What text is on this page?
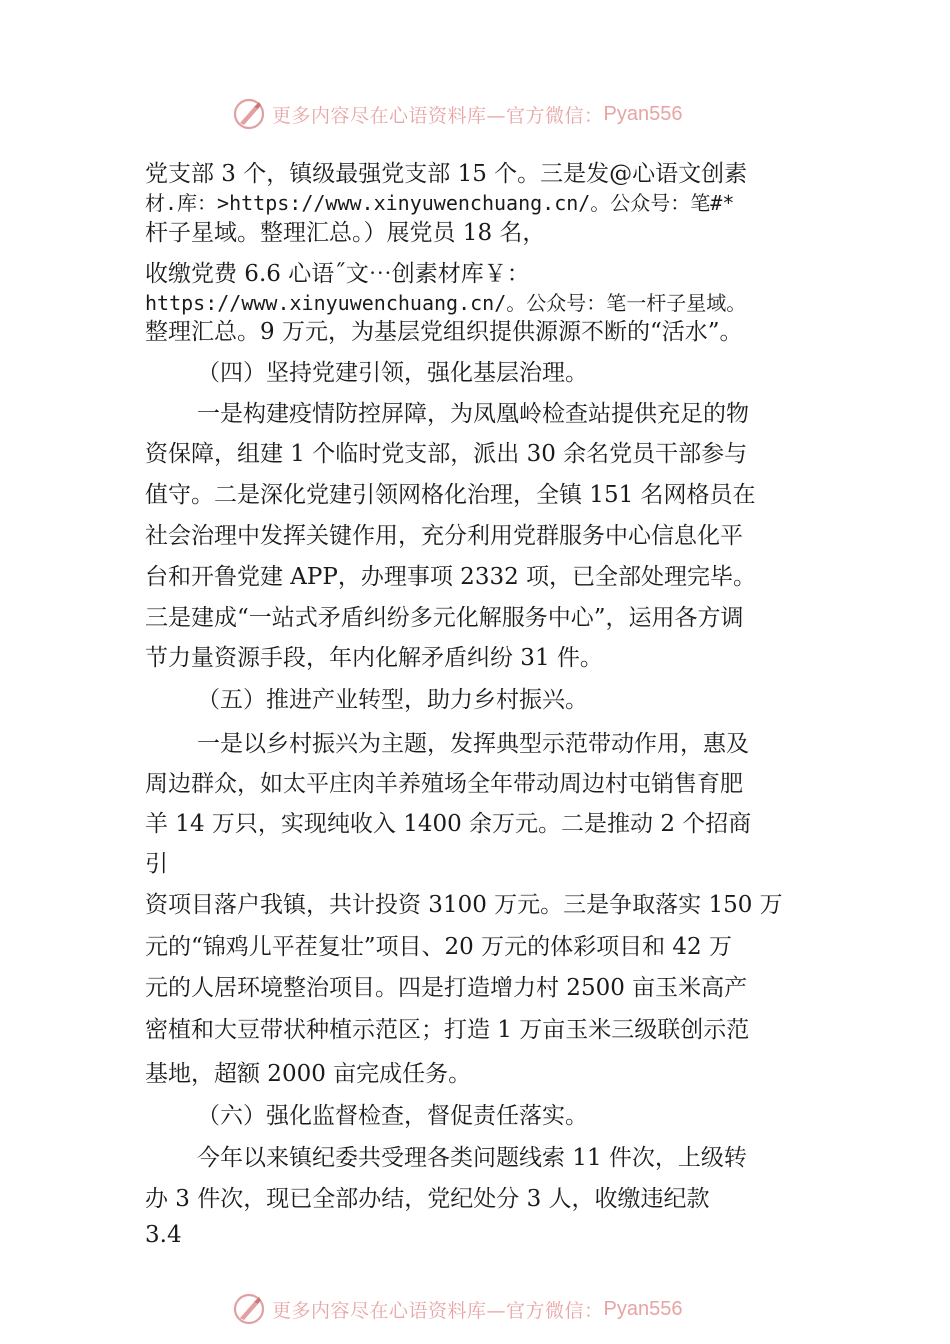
更多内容尽在心语资料库—官方微信： Pyan556
党支部 3 个，镇级最强党支部 15 个。三是发@心语文创素
材.库：>https://www.xinyuwenchuang.cn/。公众号：笔#*
杆子星域。整理汇总。）展党员 18 名，
收缴党费 6.6 心语˝文⋯创素材库￥：
https://www.xinyuwenchuang.cn/。公众号：笔一杆子星域。
整理汇总。9 万元，为基层党组织提供源源不断的“活水”。
（四）坚持党建引领，强化基层治理。
一是构建疫情防控屏障，为凤凰岭检查站提供充足的物
资保障，组建 1 个临时党支部，派出 30 余名党员干部参与
值守。二是深化党建引领网格化治理，全镇 151 名网格员在
社会治理中发挥关键作用，充分利用党群服务中心信息化平
台和开鲁党建 APP，办理事项 2332 项，已全部处理完毕。
三是建成“一站式矛盾纠纷多元化解服务中心”，运用各方调
节力量资源手段，年内化解矛盾纠纷 31 件。
（五）推进产业转型，助力乡村振兴。
一是以乡村振兴为主题，发挥典型示范带动作用，惠及
周边群众，如太平庄肉羊养殖场全年带动周边村屯销售育肥
羊 14 万只，实现纯收入 1400 余万元。二是推动 2 个招商
引
资项目落户我镇，共计投资 3100 万元。三是争取落实 150 万
元的“锦鸡儿平茬复壮”项目、20 万元的体彩项目和 42 万
元的人居环境整治项目。四是打造增力村 2500 亩玉米高产
密植和大豆带状种植示范区；打造 1 万亩玉米三级联创示范
基地，超额 2000 亩完成任务。
（六）强化监督检查，督促责任落实。
今年以来镇纪委共受理各类问题线索 11 件次，上级转
办 3 件次，现已全部办结，党纪处分 3 人，收缴违纪款
3.4
更多内容尽在心语资料库—官方微信： Pyan556
